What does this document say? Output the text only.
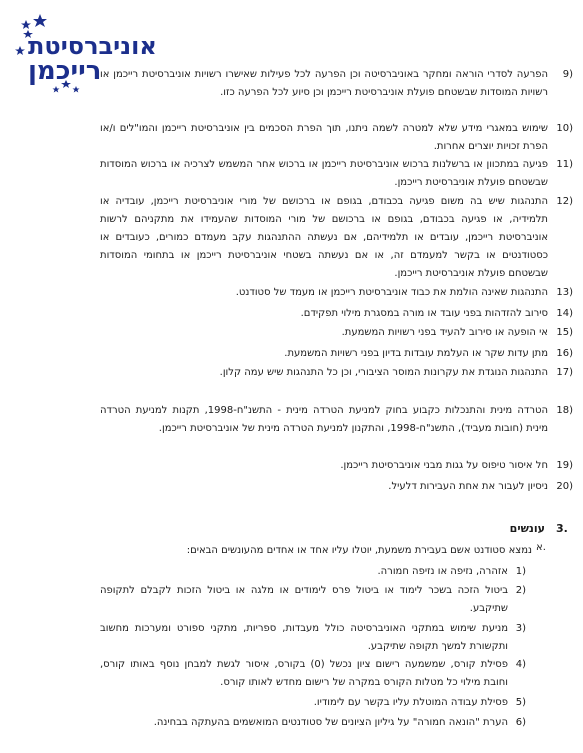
אוניברסיטת
רייכמן	9)
הפרעה לסדרי הוראה ומחקר באוניברסיטה וכן הפרעה לכל פעילות שאישרו רשויות אוניברסיטת רייכמן או רשויות המוסדות שבשטחם פועלת אוניברסיטת רייכמן וכן סיוע לכל הפרעה כזו.
10)
שימוש במאגרי מידע שלא למטרה לשמה ניתנו, תוך הפרת הסכמים בין אוניברסיטת רייכמן והמו"לים ו/או הפרת זכויות יוצרים אחרות.
11)
פגיעה במתכוון או ברשלנות ברכוש אוניברסיטת רייכמן או ברכוש אחר המשמש לצרכיה או ברכוש המוסדות שבשטחם פועלת אוניברסיטת רייכמן.
12)
התנהגות שיש בה משום פגיעה בכבודם, בגופם או ברכושם של מורי אוניברסיטת רייכמן, עובדיה או תלמידיה, או פגיעה בכבודם, בגופם או ברכושם של מורי המוסדות שהעמידו את מתקניהם לרשות אוניברסיטת רייכמן, עובדים או תלמידיהם, אם נעשתה ההתנהגות עקב מעמדם כמורים, כעובדים או כסטודנטים או בקשר למעמדם זה, או אם נעשתה בשטחי אוניברסיטת רייכמן או בתחומי המוסדות שבשטחם פועלת אוניברסיטת רייכמן.
13)
התנהגות שאינה הולמת את כבוד אוניברסיטת רייכמן או מעמד של סטודנט.
14)
סירוב להזדהות בפני עובד או מורה במסגרת מילוי תפקידם.
15)
אי הופעה או סירוב להעיד בפני רשויות המשמעת.
16)
מתן עדות שקר או העלמת עובדות בדיון בפני רשויות המשמעת.
17)
התנהגות הנוגדת את עקרונות המוסר הציבורי, וכן כל התנהגות שיש עמה קלון.
18)
הטרדה מינית והתנכלות כקבוע בחוק למניעת הטרדה מינית - התשנ"ח-1998, תקנות למניעת הטרדה מינית (חובות מעביד), התשנ"ח-1998, והתקנון למניעת הטרדה מינית של אוניברסיטת רייכמן.
19)
חל איסור טיפוס על גגות מבני אוניברסיטת רייכמן.
20)
ניסיון לעבור את אחת העבירות דלעיל.
3.
עונשים
א.
נמצא סטודנט אשם בעבירת משמעת, יוטלו עליו אחד או אחדים מהעונשים הבאים:
1)
אזהרה, נזיפה או נזיפה חמורה.
2)
ביטול הזכה בשכר לימוד או ביטול פרס לימודים או מלגה או ביטול הזכות לקבלם לתקופה שתיקבע.
3)
מניעת שימוש במתקני האוניברסיטה כולל מעבדות, ספריות, מתקני ספורט ומערכות מחשוב ותקשורת למשך תקופה שתיקבע.
4)
פסילת קורס, שמשמעה רישום ציון נכשל (0) בקורס, איסור לגשת למבחן נוסף באותו קורס, וחובת מילוי כל מטלות הקורס במקרה של רישום מחדש לאותו קורס.
5)
פסילת עבודה המוטלת עליו בקשר עם לימודיו.
6)
הערת "הונאה חמורה" על גיליון הציונים של סטודנטים המואשמים בהעתקה בבחינה.
